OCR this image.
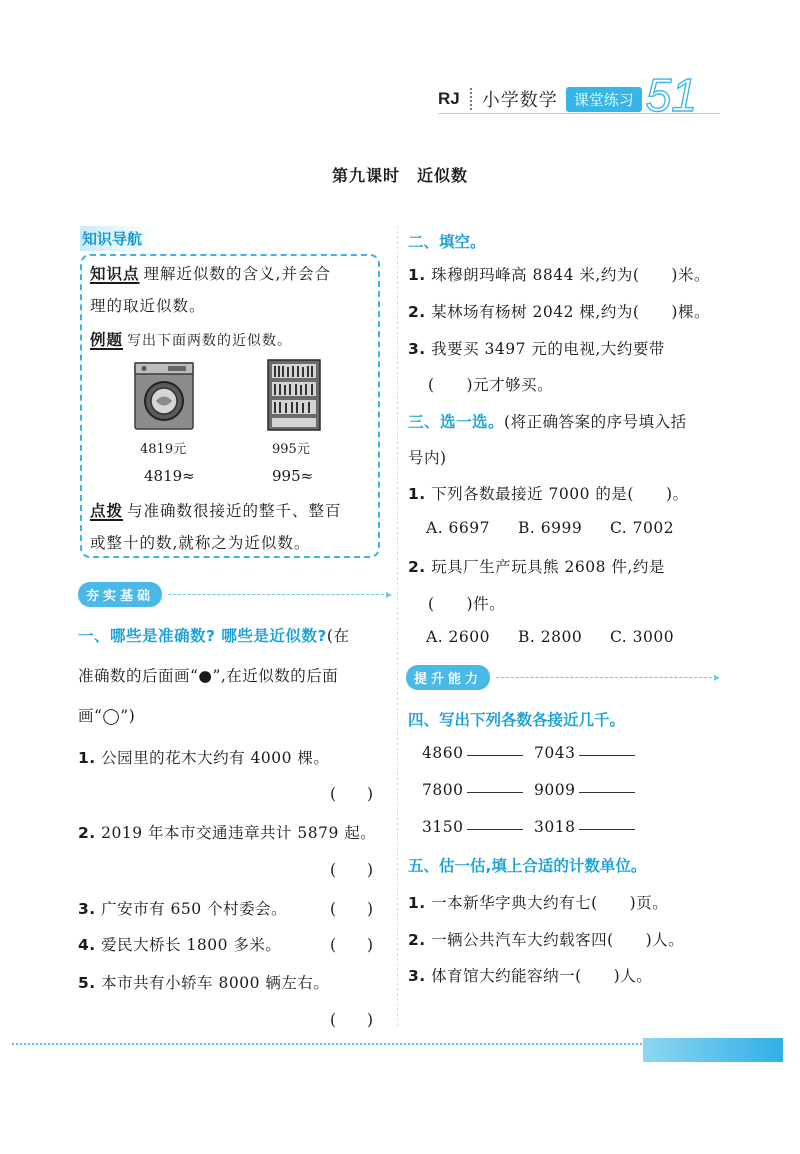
RJ 小学数学	课堂练习 51
第九课时　近似数
知识导航
知识点 理解近似数的含义,并会合
理的取近似数。
例题 写出下面两数的近似数。
4819元	995元
4819≈	995≈
点拨 与准确数很接近的整千、整百
或整十的数,就称之为近似数。
夯实基础	▸
一、哪些是准确数? 哪些是近似数?(在
准确数的后面画“●”,在近似数的后面
画“◯”)
1. 公园里的花木大约有 4000 棵。
(　　)
2. 2019 年本市交通违章共计 5879 起。
(　　)
3. 广安市有 650 个村委会。	(　　)
4. 爱民大桥长 1800 多米。	(　　)
5. 本市共有小轿车 8000 辆左右。
(　　)
二、填空。
1. 珠穆朗玛峰高 8844 米,约为(　　)米。
2. 某林场有杨树 2042 棵,约为(　　)棵。
3. 我要买 3497 元的电视,大约要带
(　　)元才够买。
三、选一选。(将正确答案的序号填入括
号内)
1. 下列各数最接近 7000 的是(　　)。
A. 6697 B. 6999 C. 7002
2. 玩具厂生产玩具熊 2608 件,约是
(　　)件。
A. 2600 B. 2800 C. 3000
提升能力	▸
四、写出下列各数各接近几千。
4860	7043
7800	9009
3150	3018
五、估一估,填上合适的计数单位。
1. 一本新华字典大约有七(　　)页。
2. 一辆公共汽车大约载客四(　　)人。
3. 体育馆大约能容纳一(　　)人。
